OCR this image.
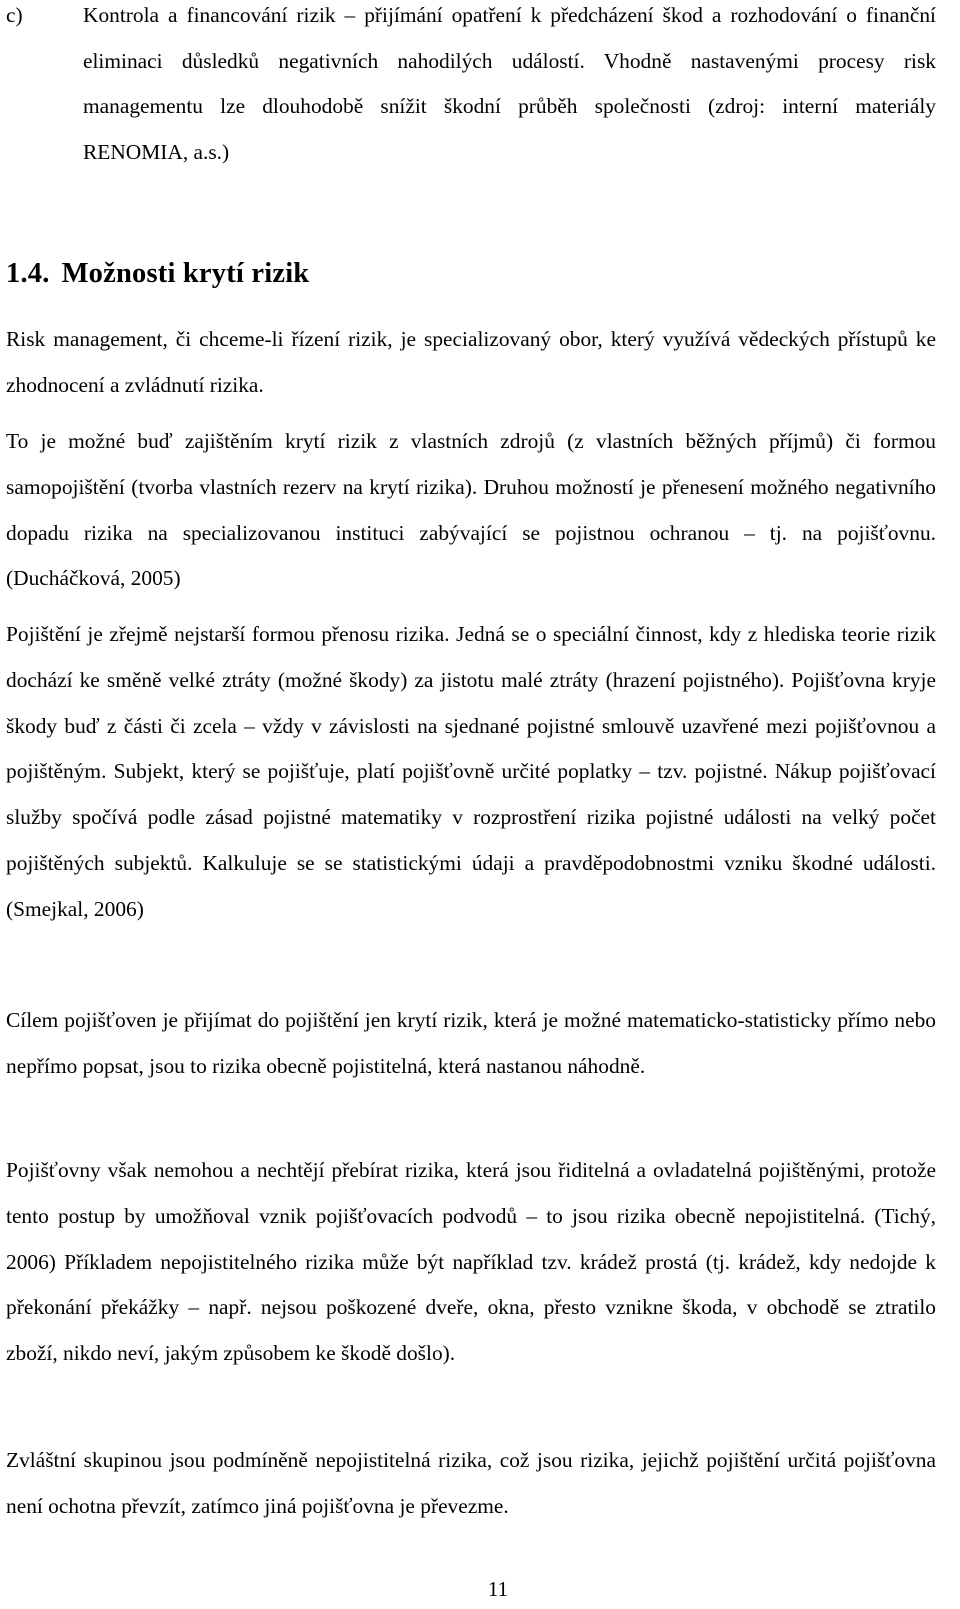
c)	Kontrola a financování rizik – přijímání opatření k předcházení škod a rozhodování o finanční eliminaci důsledků negativních nahodilých událostí. Vhodně nastavenými procesy risk managementu lze dlouhodobě snížit škodní průběh společnosti (zdroj: interní materiály RENOMIA, a.s.)

1.4. Možnosti krytí rizik

Risk management, či chceme-li řízení rizik, je specializovaný obor, který využívá vědeckých přístupů ke zhodnocení a zvládnutí rizika.

To je možné buď zajištěním krytí rizik z vlastních zdrojů (z vlastních běžných příjmů) či formou samopojištění (tvorba vlastních rezerv na krytí rizika). Druhou možností je přenesení možného negativního dopadu rizika na specializovanou instituci zabývající se pojistnou ochranou – tj. na pojišťovnu. (Ducháčková, 2005)

Pojištění je zřejmě nejstarší formou přenosu rizika. Jedná se o speciální činnost, kdy z hlediska teorie rizik dochází ke směně velké ztráty (možné škody) za jistotu malé ztráty (hrazení pojistného). Pojišťovna kryje škody buď z části či zcela – vždy v závislosti na sjednané pojistné smlouvě uzavřené mezi pojišťovnou a pojištěným. Subjekt, který se pojišťuje, platí pojišťovně určité poplatky – tzv. pojistné. Nákup pojišťovací služby spočívá podle zásad pojistné matematiky v rozprostření rizika pojistné události na velký počet pojištěných subjektů. Kalkuluje se se statistickými údaji a pravděpodobnostmi vzniku škodné události. (Smejkal, 2006)

Cílem pojišťoven je přijímat do pojištění jen krytí rizik, která je možné matematicko-statisticky přímo nebo nepřímo popsat, jsou to rizika obecně pojistitelná, která nastanou náhodně.

Pojišťovny však nemohou a nechtějí přebírat rizika, která jsou řiditelná a ovladatelná pojištěnými, protože tento postup by umožňoval vznik pojišťovacích podvodů – to jsou rizika obecně nepojistitelná. (Tichý, 2006) Příkladem nepojistitelného rizika může být například tzv. krádež prostá (tj. krádež, kdy nedojde k překonání překážky – např. nejsou poškozené dveře, okna, přesto vznikne škoda, v obchodě se ztratilo zboží, nikdo neví, jakým způsobem ke škodě došlo).

Zvláštní skupinou jsou podmíněně nepojistitelná rizika, což jsou rizika, jejichž pojištění určitá pojišťovna není ochotna převzít, zatímco jiná pojišťovna je převezme.

11
